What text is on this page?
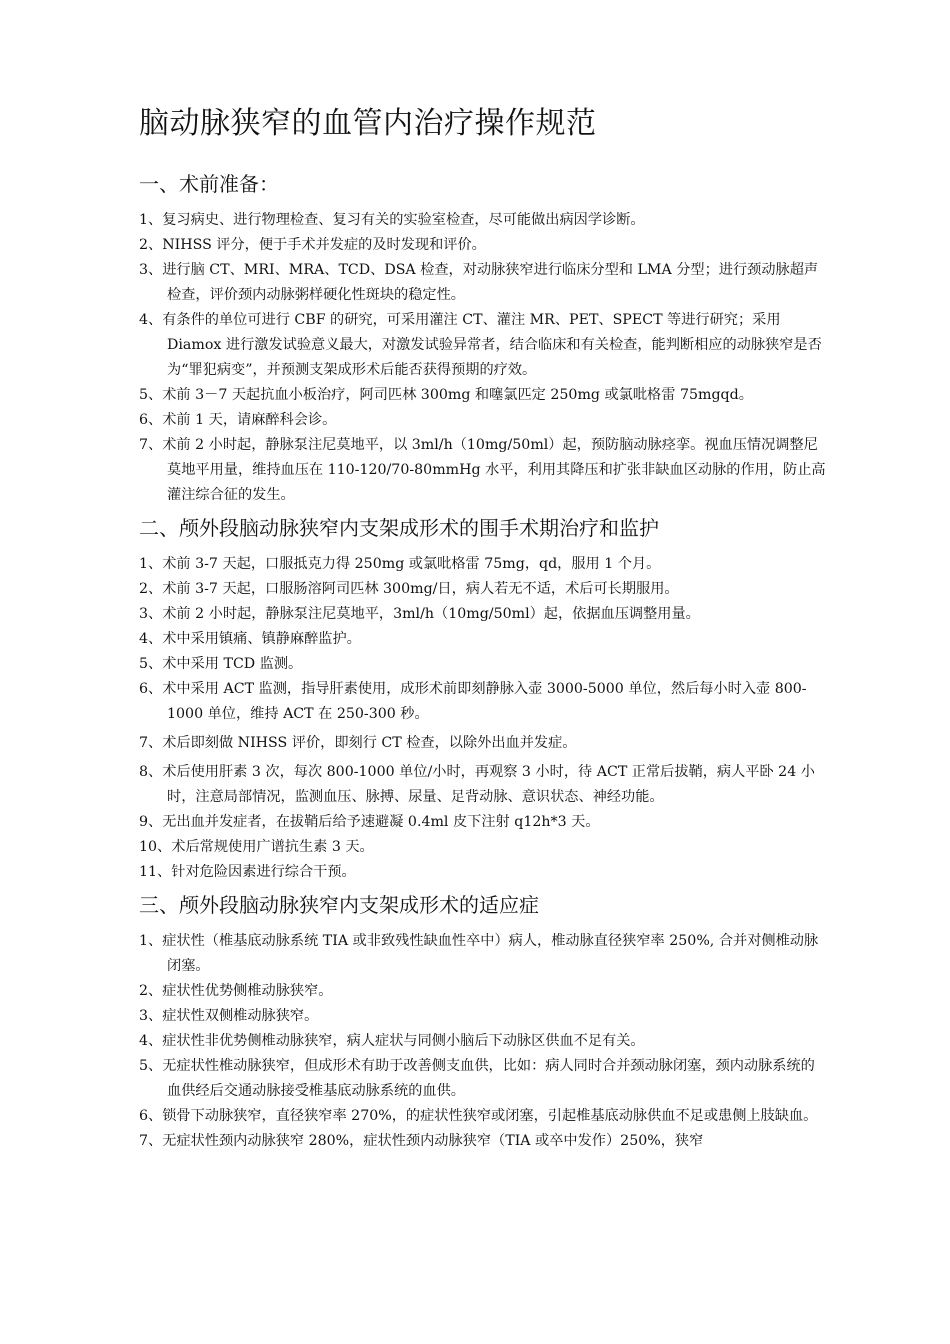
脑动脉狭窄的血管内治疗操作规范
一、术前准备：
1、复习病史、进行物理检查、复习有关的实验室检查，尽可能做出病因学诊断。
2、NIHSS 评分，便于手术并发症的及时发现和评价。
3、进行脑 CT、MRI、MRA、TCD、DSA 检查，对动脉狭窄进行临床分型和 LMA 分型；进行颈动脉超声检查，评价颈内动脉粥样硬化性斑块的稳定性。
4、有条件的单位可进行 CBF 的研究，可采用灌注 CT、灌注 MR、PET、SPECT 等进行研究；采用 Diamox 进行激发试验意义最大，对激发试验异常者，结合临床和有关检查，能判断相应的动脉狭窄是否为“罪犯病变”，并预测支架成形术后能否获得预期的疗效。
5、术前 3－7 天起抗血小板治疗，阿司匹林 300mg 和噻氯匹定 250mg 或氯吡格雷 75mgqd。
6、术前 1 天，请麻醉科会诊。
7、术前 2 小时起，静脉泵注尼莫地平，以 3ml/h（10mg/50ml）起，预防脑动脉痉挛。视血压情况调整尼莫地平用量，维持血压在 110-120/70-80mmHg 水平，利用其降压和扩张非缺血区动脉的作用，防止高灌注综合征的发生。
二、颅外段脑动脉狭窄内支架成形术的围手术期治疗和监护
1、术前 3-7 天起，口服抵克力得 250mg 或氯吡格雷 75mg，qd，服用 1 个月。
2、术前 3-7 天起，口服肠溶阿司匹林 300mg/日，病人若无不适，术后可长期服用。
3、术前 2 小时起，静脉泵注尼莫地平，3ml/h（10mg/50ml）起，依据血压调整用量。
4、术中采用镇痛、镇静麻醉监护。
5、术中采用 TCD 监测。
6、术中采用 ACT 监测，指导肝素使用，成形术前即刻静脉入壶 3000-5000 单位，然后每小时入壶 800-1000 单位，维持 ACT 在 250-300 秒。
7、术后即刻做 NIHSS 评价，即刻行 CT 检查，以除外出血并发症。
8、术后使用肝素 3 次，每次 800-1000 单位/小时，再观察 3 小时，待 ACT 正常后拔鞘，病人平卧 24 小时，注意局部情况，监测血压、脉搏、尿量、足背动脉、意识状态、神经功能。
9、无出血并发症者，在拔鞘后给予速避凝 0.4ml 皮下注射 q12h*3 天。
10、术后常规使用广谱抗生素 3 天。
11、针对危险因素进行综合干预。
三、颅外段脑动脉狭窄内支架成形术的适应症
1、症状性（椎基底动脉系统 TIA 或非致残性缺血性卒中）病人，椎动脉直径狭窄率 250%, 合并对侧椎动脉闭塞。
2、症状性优势侧椎动脉狭窄。
3、症状性双侧椎动脉狭窄。
4、症状性非优势侧椎动脉狭窄，病人症状与同侧小脑后下动脉区供血不足有关。
5、无症状性椎动脉狭窄，但成形术有助于改善侧支血供，比如：病人同时合并颈动脉闭塞，颈内动脉系统的血供经后交通动脉接受椎基底动脉系统的血供。
6、锁骨下动脉狭窄，直径狭窄率 270%，的症状性狭窄或闭塞，引起椎基底动脉供血不足或患侧上肢缺血。
7、无症状性颈内动脉狭窄 280%，症状性颈内动脉狭窄（TIA 或卒中发作）250%，狭窄
